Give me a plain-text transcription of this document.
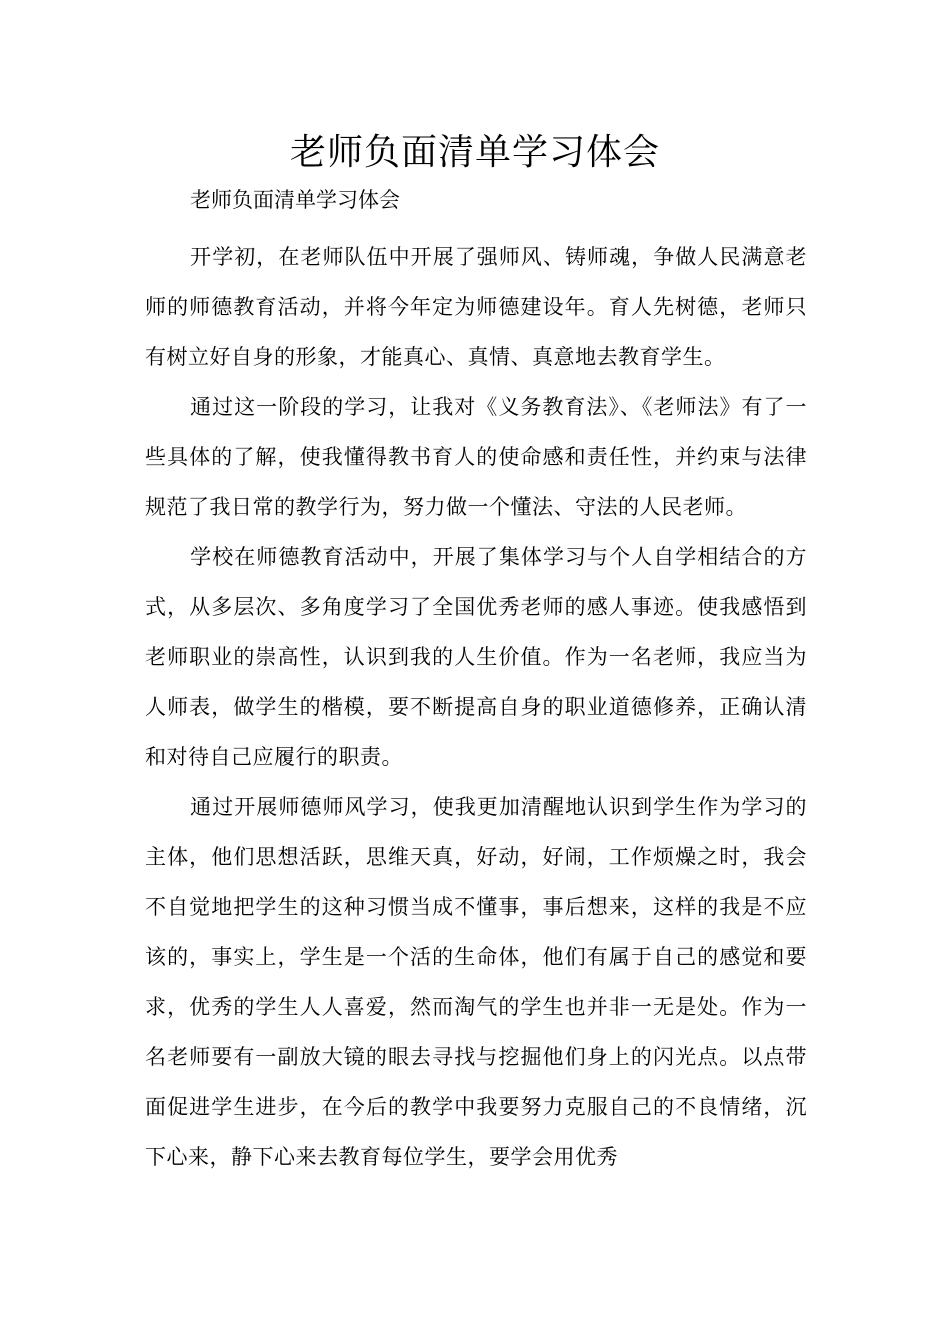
老师负面清单学习体会
老师负面清单学习体会

开学初，在老师队伍中开展了强师风、铸师魂，争做人民满意老师的师德教育活动，并将今年定为师德建设年。育人先树德，老师只有树立好自身的形象，才能真心、真情、真意地去教育学生。

通过这一阶段的学习，让我对《义务教育法》、《老师法》有了一些具体的了解，使我懂得教书育人的使命感和责任性，并约束与法律规范了我日常的教学行为，努力做一个懂法、守法的人民老师。

学校在师德教育活动中，开展了集体学习与个人自学相结合的方式，从多层次、多角度学习了全国优秀老师的感人事迹。使我感悟到老师职业的崇高性，认识到我的人生价值。作为一名老师，我应当为人师表，做学生的楷模，要不断提高自身的职业道德修养，正确认清和对待自己应履行的职责。

通过开展师德师风学习，使我更加清醒地认识到学生作为学习的主体，他们思想活跃，思维天真，好动，好闹，工作烦燥之时，我会不自觉地把学生的这种习惯当成不懂事，事后想来，这样的我是不应该的，事实上，学生是一个活的生命体，他们有属于自己的感觉和要求，优秀的学生人人喜爱，然而淘气的学生也并非一无是处。作为一名老师要有一副放大镜的眼去寻找与挖掘他们身上的闪光点。以点带面促进学生进步，在今后的教学中我要努力克服自己的不良情绪，沉下心来，静下心来去教育每位学生，要学会用优秀
